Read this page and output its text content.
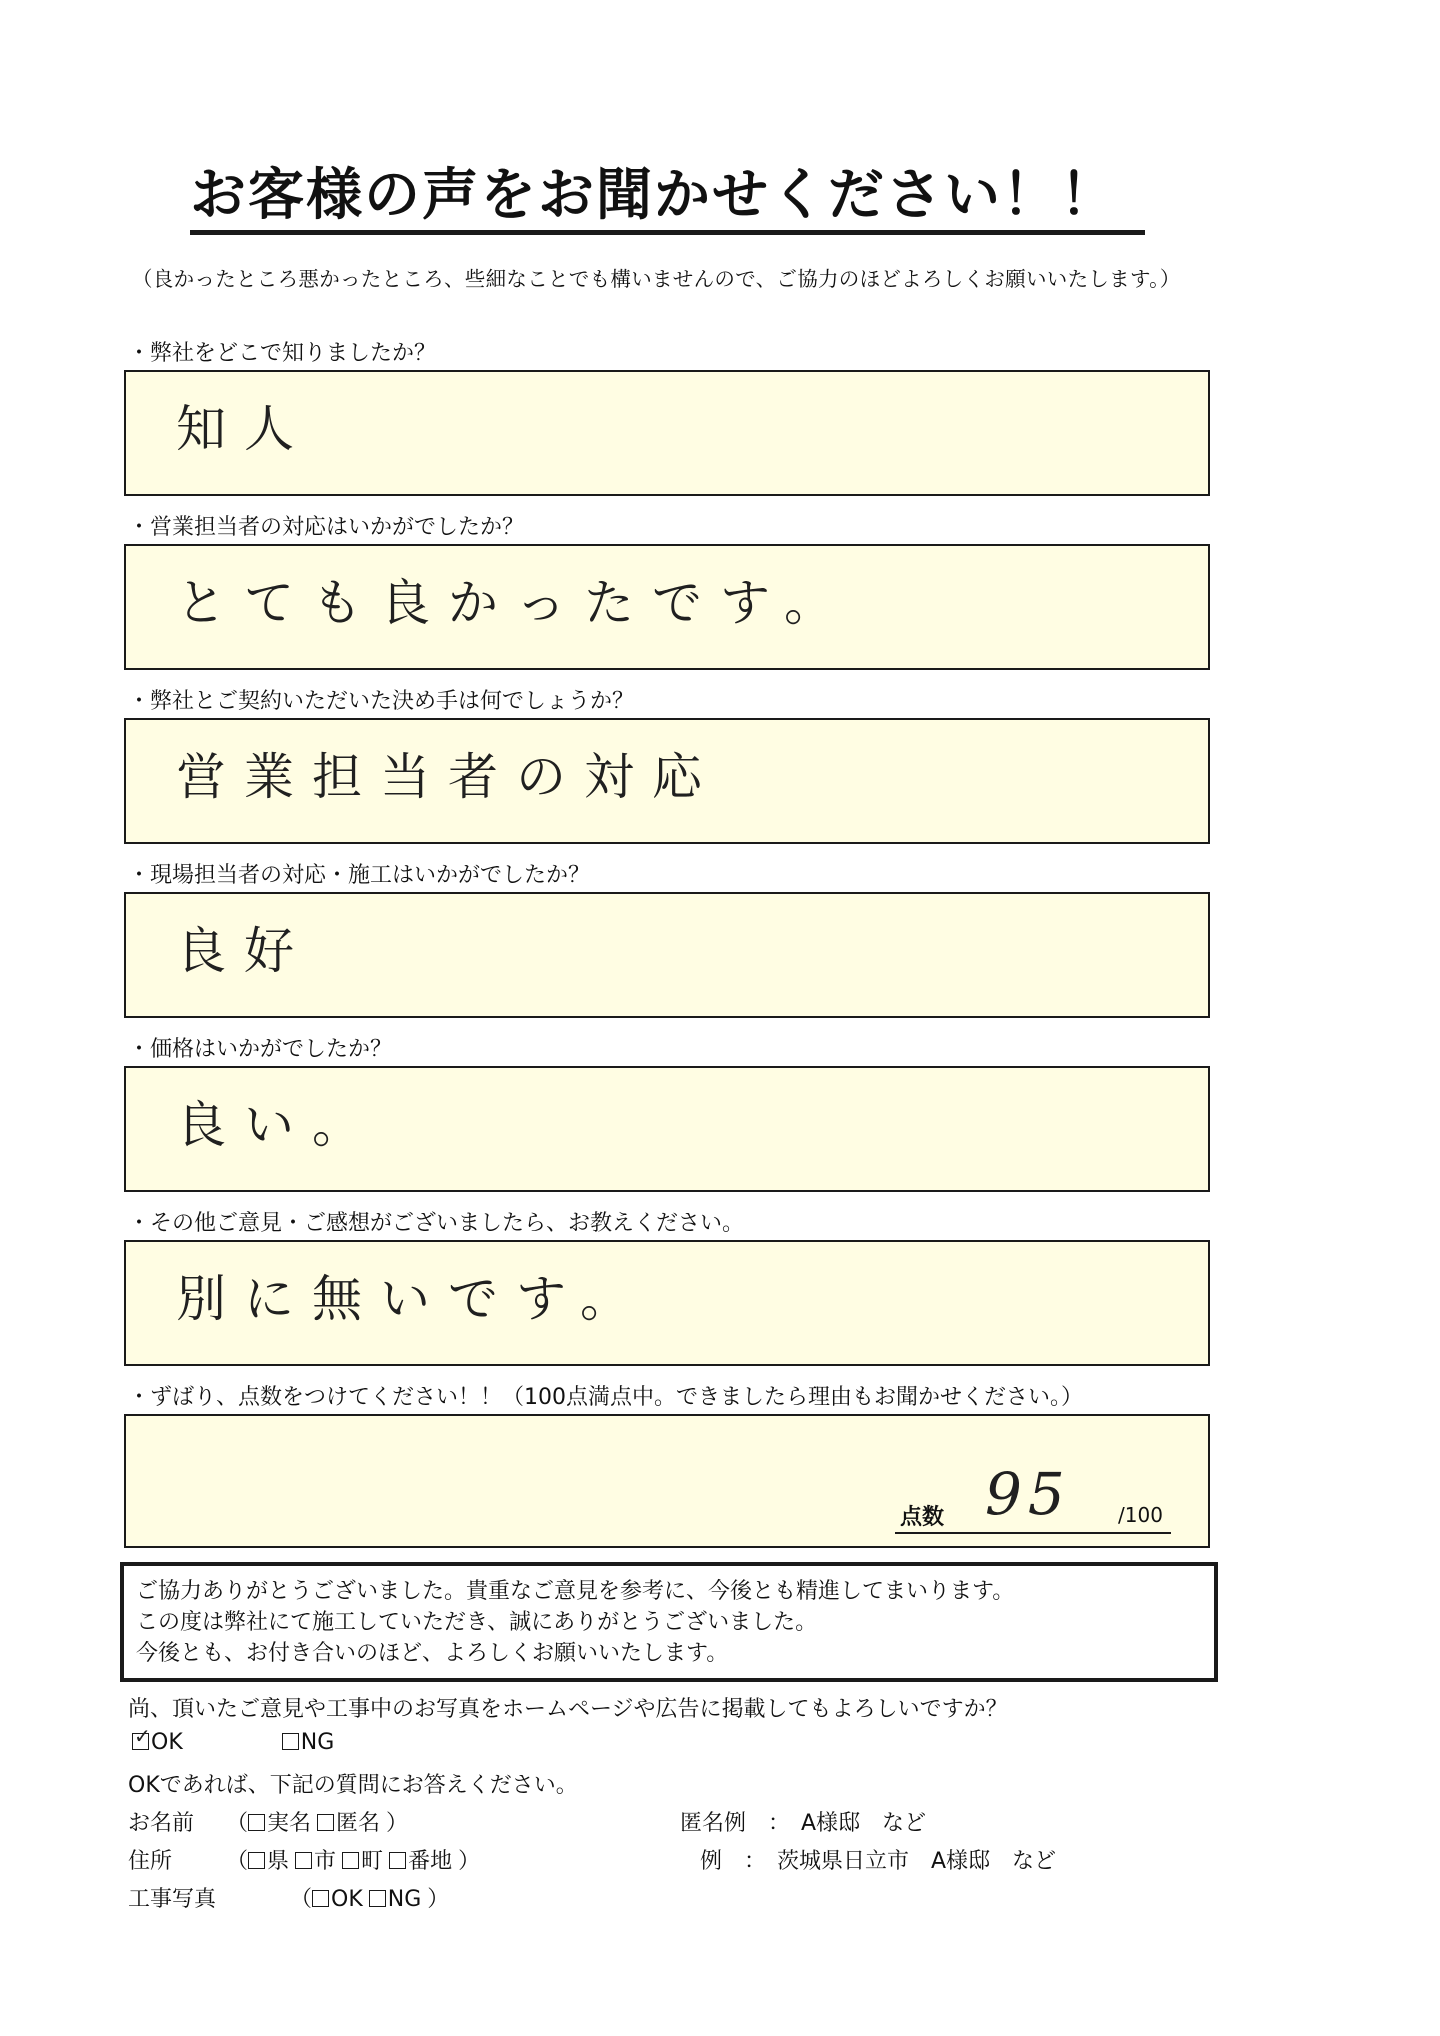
お客様の声をお聞かせください！！
（良かったところ悪かったところ、些細なことでも構いませんので、ご協力のほどよろしくお願いいたします。）
・弊社をどこで知りましたか？
知人
・営業担当者の対応はいかがでしたか？
とても良かったです。
・弊社とご契約いただいた決め手は何でしょうか？
営業担当者の対応
・現場担当者の対応・施工はいかがでしたか？
良好
・価格はいかがでしたか？
良い。
・その他ご意見・ご感想がございましたら、お教えください。
別に無いです。
・ずばり、点数をつけてください！！（100点満点中。できましたら理由もお聞かせください。）
点数 95 /100
ご協力ありがとうございました。貴重なご意見を参考に、今後とも精進してまいります。
この度は弊社にて施工していただき、誠にありがとうございました。
今後とも、お付き合いのほど、よろしくお願いいたします。
尚、頂いたご意見や工事中のお写真をホームページや広告に掲載してもよろしいですか？
✓ OK	NG
OKであれば、下記の質問にお答えください。
お名前 （ 実名 匿名 ）	匿名例　：　A様邸　など
住所 （ 県 市 町 番地 ）	例　：　茨城県日立市　A様邸　など
工事写真	（ OK NG ）
